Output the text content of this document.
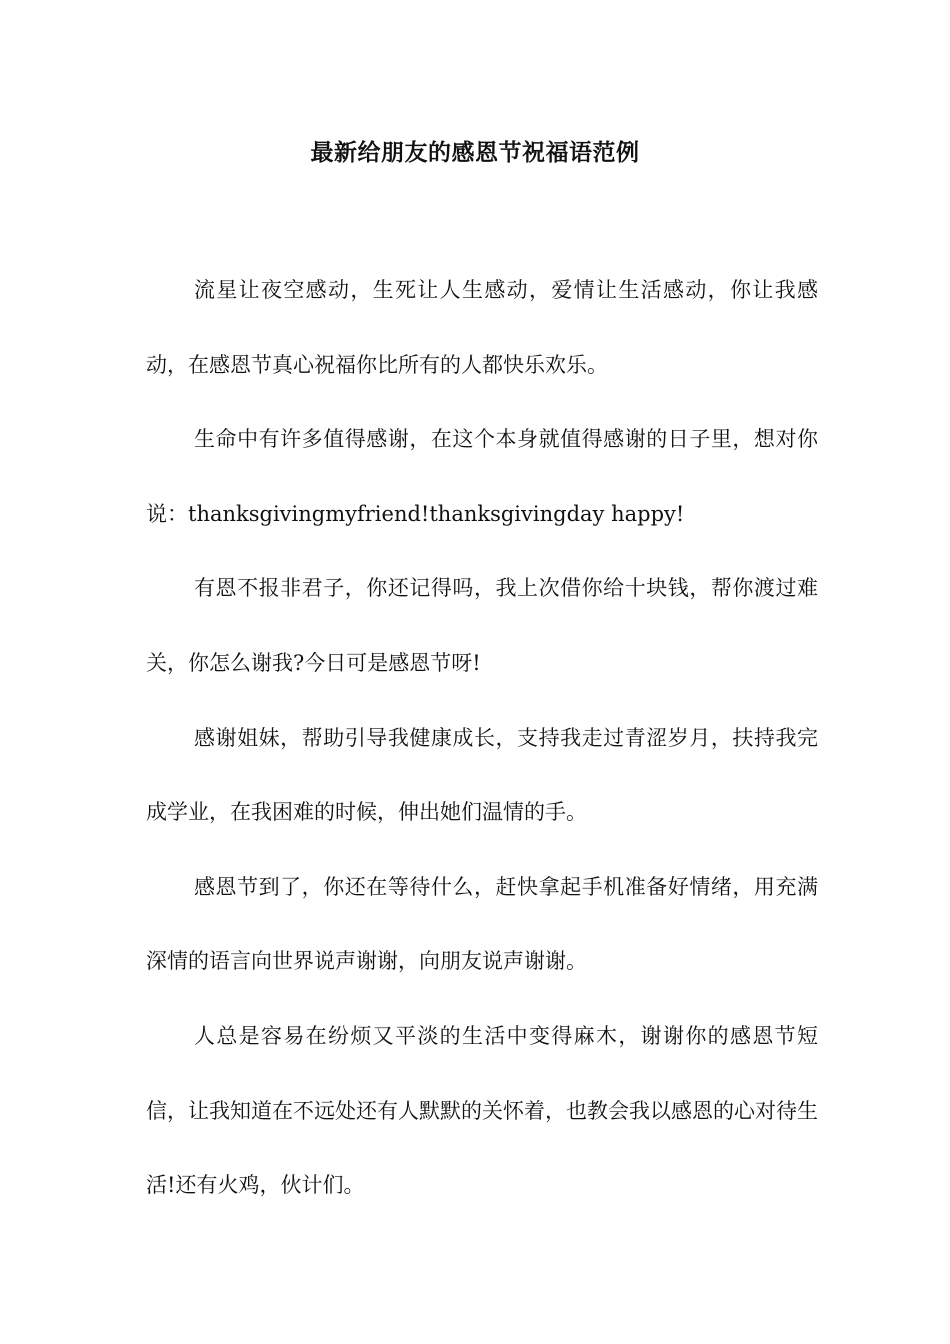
最新给朋友的感恩节祝福语范例

流星让夜空感动，生死让人生感动，爱情让生活感动，你让我感动，在感恩节真心祝福你比所有的人都快乐欢乐。

生命中有许多值得感谢，在这个本身就值得感谢的日子里，想对你说：thanksgivingmyfriend!thanksgivingday happy!

有恩不报非君子，你还记得吗，我上次借你给十块钱，帮你渡过难关，你怎么谢我?今日可是感恩节呀!

感谢姐妹，帮助引导我健康成长，支持我走过青涩岁月，扶持我完成学业，在我困难的时候，伸出她们温情的手。

感恩节到了，你还在等待什么，赶快拿起手机准备好情绪，用充满深情的语言向世界说声谢谢，向朋友说声谢谢。

人总是容易在纷烦又平淡的生活中变得麻木，谢谢你的感恩节短信，让我知道在不远处还有人默默的关怀着，也教会我以感恩的心对待生活!还有火鸡，伙计们。
